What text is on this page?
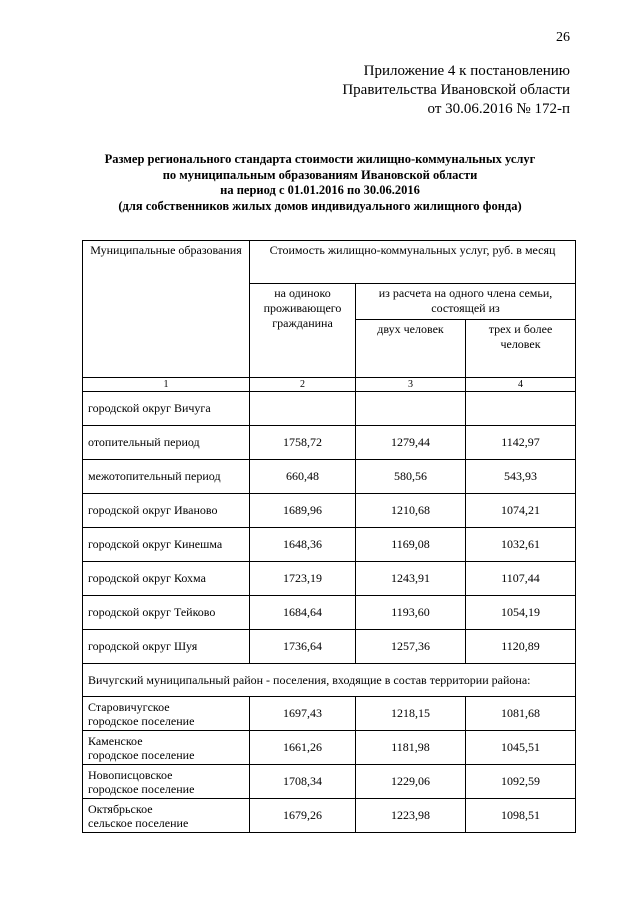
26
Приложение 4 к постановлению
Правительства Ивановской области
от 30.06.2016 № 172-п
Размер регионального стандарта стоимости жилищно-коммунальных услуг
по муниципальным образованиям Ивановской области
на период с 01.01.2016 по 30.06.2016
(для собственников жилых домов индивидуального жилищного фонда)
Муниципальные образования	Стоимость жилищно-коммунальных услуг, руб. в месяц		
	на одиноко проживающего гражданина	из расчета на одного члена семьи, состоящей из	
		двух человек	трех и более человек
1	2	3	4
городской округ Вичуга			
отопительный период	1758,72	1279,44	1142,97
межотопительный период	660,48	580,56	543,93
городской округ Иваново	1689,96	1210,68	1074,21
городской округ Кинешма	1648,36	1169,08	1032,61
городской округ Кохма	1723,19	1243,91	1107,44
городской округ Тейково	1684,64	1193,60	1054,19
городской округ Шуя	1736,64	1257,36	1120,89
Вичугский муниципальный район - поселения, входящие в состав территории района:			

Старовичугское
городское поселение	1697,43	1218,15	1081,68

Каменское
городское поселение	1661,26	1181,98	1045,51

Новописцовское
городское поселение	1708,34	1229,06	1092,59

Октябрьское
сельское поселение	1679,26	1223,98	1098,51
